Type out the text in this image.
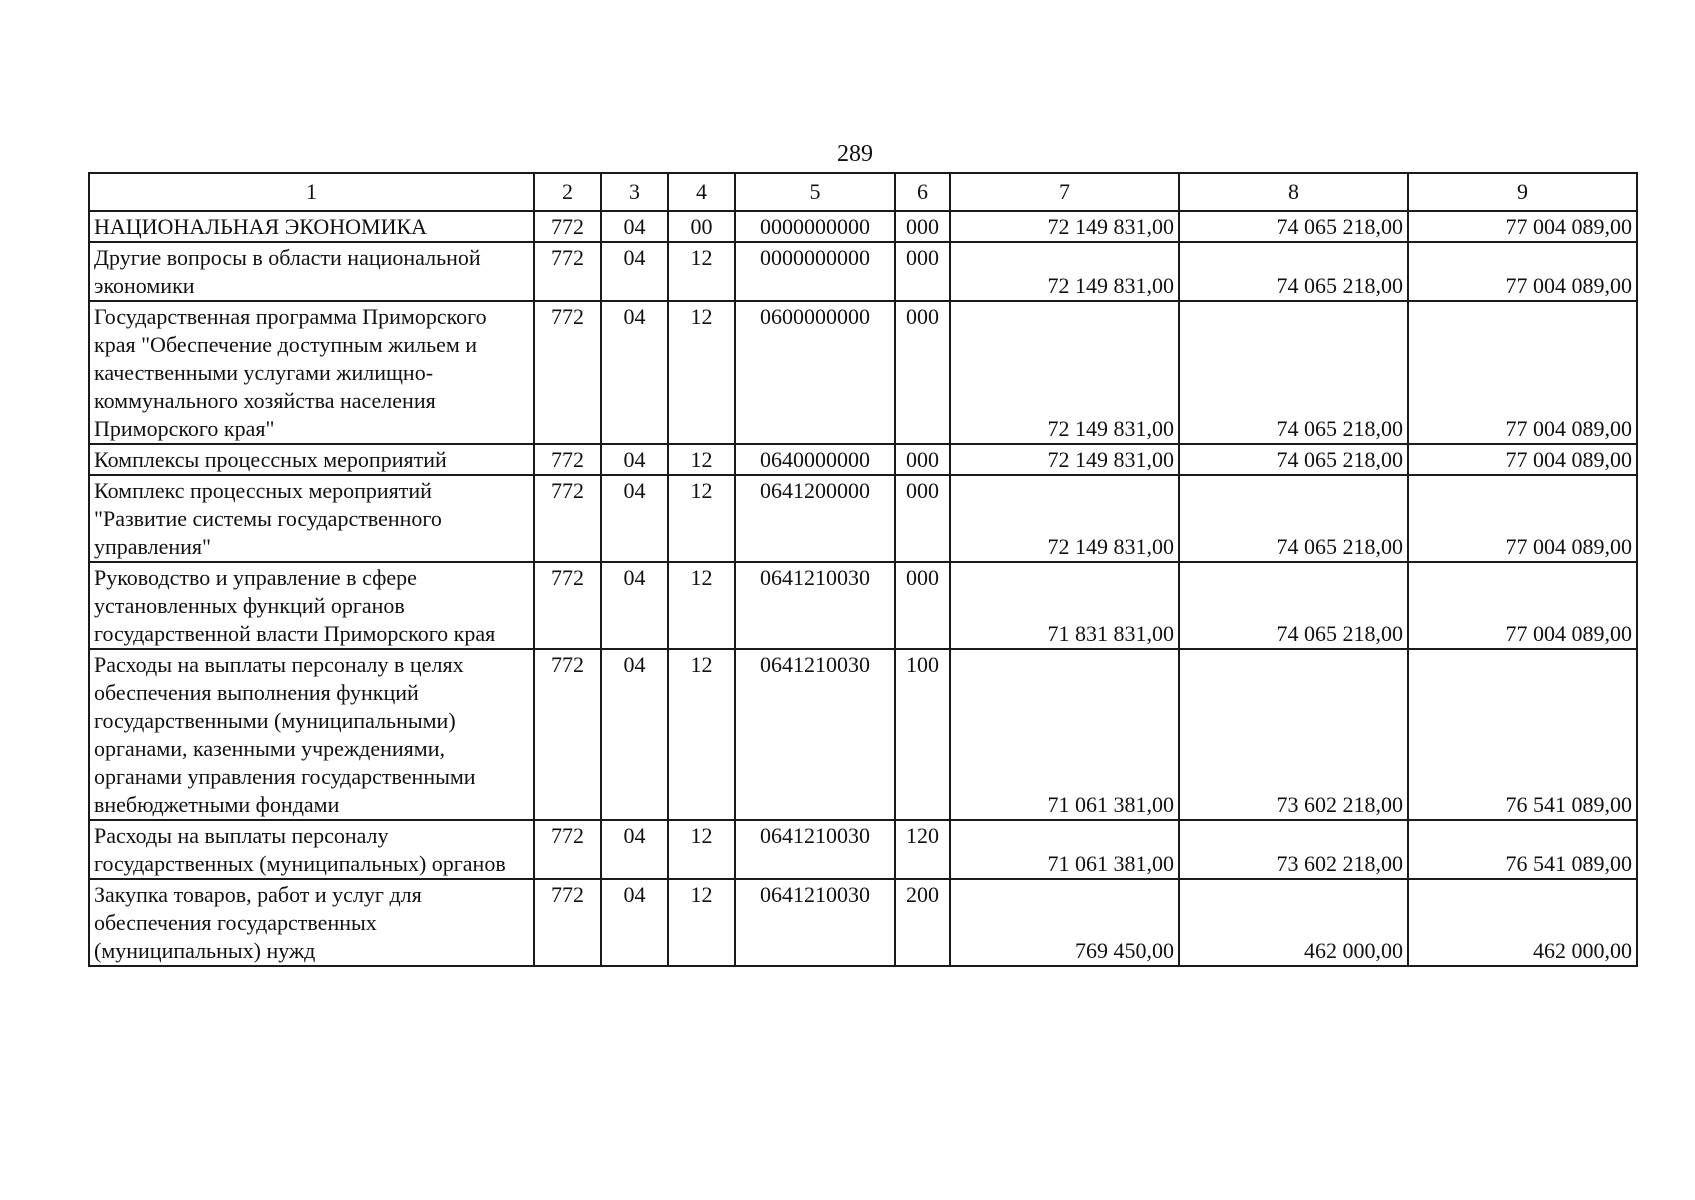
289
1	2	3	4	5	6	7	8	9
НАЦИОНАЛЬНАЯ ЭКОНОМИКА	772	04	00	0000000000	000	72 149 831,00	74 065 218,00	77 004 089,00
Другие вопросы в области национальной экономики	772	04	12	0000000000	000	72 149 831,00	74 065 218,00	77 004 089,00
Государственная программа Приморского края "Обеспечение доступным жильем и качественными услугами жилищно-коммунального хозяйства населения Приморского края"	772	04	12	0600000000	000	72 149 831,00	74 065 218,00	77 004 089,00
Комплексы процессных мероприятий	772	04	12	0640000000	000	72 149 831,00	74 065 218,00	77 004 089,00
Комплекс процессных мероприятий "Развитие системы государственного управления"	772	04	12	0641200000	000	72 149 831,00	74 065 218,00	77 004 089,00
Руководство и управление в сфере установленных функций органов государственной власти Приморского края	772	04	12	0641210030	000	71 831 831,00	74 065 218,00	77 004 089,00
Расходы на выплаты персоналу в целях обеспечения выполнения функций государственными (муниципальными) органами, казенными учреждениями, органами управления государственными внебюджетными фондами	772	04	12	0641210030	100	71 061 381,00	73 602 218,00	76 541 089,00
Расходы на выплаты персоналу государственных (муниципальных) органов	772	04	12	0641210030	120	71 061 381,00	73 602 218,00	76 541 089,00
Закупка товаров, работ и услуг для обеспечения государственных (муниципальных) нужд	772	04	12	0641210030	200	769 450,00	462 000,00	462 000,00
